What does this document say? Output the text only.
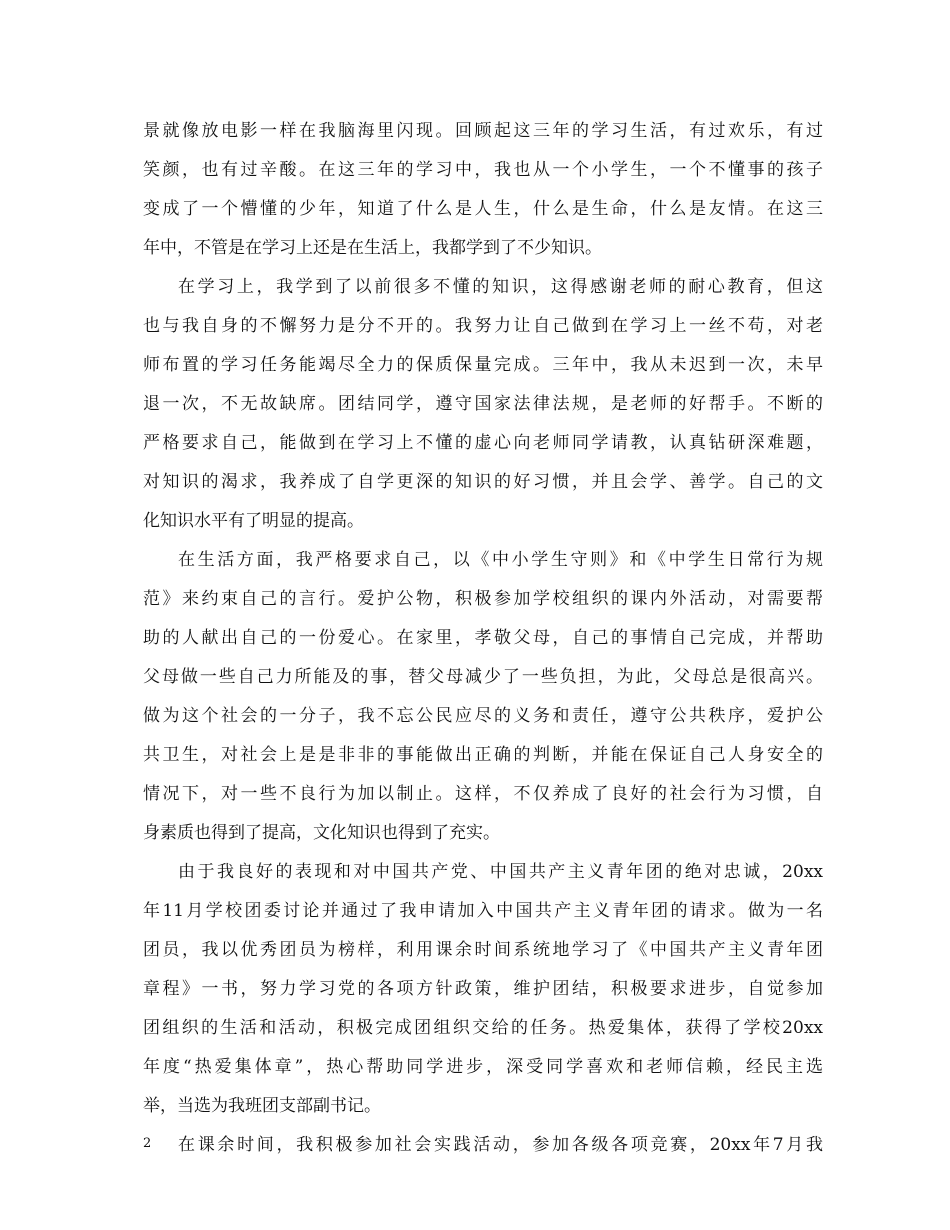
景就像放电影一样在我脑海里闪现。回顾起这三年的学习生活，有过欢乐，有过
笑颜，也有过辛酸。在这三年的学习中，我也从一个小学生，一个不懂事的孩子
变成了一个懵懂的少年，知道了什么是人生，什么是生命，什么是友情。在这三
年中，不管是在学习上还是在生活上，我都学到了不少知识。
在学习上，我学到了以前很多不懂的知识，这得感谢老师的耐心教育，但这
也与我自身的不懈努力是分不开的。我努力让自己做到在学习上一丝不苟，对老
师布置的学习任务能竭尽全力的保质保量完成。三年中，我从未迟到一次，未早
退一次，不无故缺席。团结同学，遵守国家法律法规，是老师的好帮手。不断的
严格要求自己，能做到在学习上不懂的虚心向老师同学请教，认真钻研深难题，
对知识的渴求，我养成了自学更深的知识的好习惯，并且会学、善学。自己的文
化知识水平有了明显的提高。
在生活方面，我严格要求自己，以《中小学生守则》和《中学生日常行为规
范》来约束自己的言行。爱护公物，积极参加学校组织的课内外活动，对需要帮
助的人献出自己的一份爱心。在家里，孝敬父母，自己的事情自己完成，并帮助
父母做一些自己力所能及的事，替父母减少了一些负担，为此，父母总是很高兴。
做为这个社会的一分子，我不忘公民应尽的义务和责任，遵守公共秩序，爱护公
共卫生，对社会上是是非非的事能做出正确的判断，并能在保证自己人身安全的
情况下，对一些不良行为加以制止。这样，不仅养成了良好的社会行为习惯，自
身素质也得到了提高，文化知识也得到了充实。
由于我良好的表现和对中国共产党、中国共产主义青年团的绝对忠诚，20xx
年11月学校团委讨论并通过了我申请加入中国共产主义青年团的请求。做为一名
团员，我以优秀团员为榜样，利用课余时间系统地学习了《中国共产主义青年团
章程》一书，努力学习党的各项方针政策，维护团结，积极要求进步，自觉参加
团组织的生活和活动，积极完成团组织交给的任务。热爱集体，获得了学校20xx
年度“热爱集体章”，热心帮助同学进步，深受同学喜欢和老师信赖，经民主选
举，当选为我班团支部副书记。
在课余时间，我积极参加社会实践活动，参加各级各项竞赛，20xx年7月我
2
